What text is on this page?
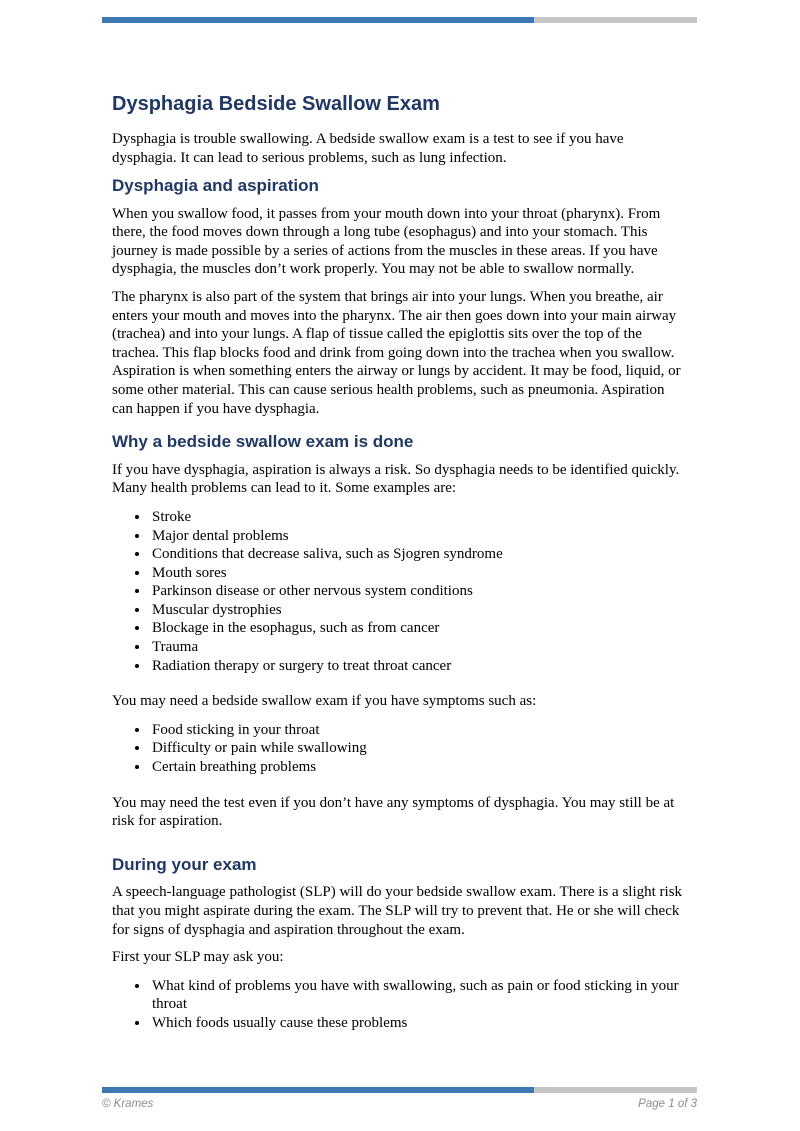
Dysphagia Bedside Swallow Exam

Dysphagia is trouble swallowing. A bedside swallow exam is a test to see if you have dysphagia. It can lead to serious problems, such as lung infection.

Dysphagia and aspiration

When you swallow food, it passes from your mouth down into your throat (pharynx). From there, the food moves down through a long tube (esophagus) and into your stomach. This journey is made possible by a series of actions from the muscles in these areas. If you have dysphagia, the muscles don’t work properly. You may not be able to swallow normally.

The pharynx is also part of the system that brings air into your lungs. When you breathe, air enters your mouth and moves into the pharynx. The air then goes down into your main airway (trachea) and into your lungs. A flap of tissue called the epiglottis sits over the top of the trachea. This flap blocks food and drink from going down into the trachea when you swallow. Aspiration is when something enters the airway or lungs by accident. It may be food, liquid, or some other material. This can cause serious health problems, such as pneumonia. Aspiration can happen if you have dysphagia.

Why a bedside swallow exam is done

If you have dysphagia, aspiration is always a risk. So dysphagia needs to be identified quickly. Many health problems can lead to it. Some examples are:

• Stroke
• Major dental problems
• Conditions that decrease saliva, such as Sjogren syndrome
• Mouth sores
• Parkinson disease or other nervous system conditions
• Muscular dystrophies
• Blockage in the esophagus, such as from cancer
• Trauma
• Radiation therapy or surgery to treat throat cancer

You may need a bedside swallow exam if you have symptoms such as:

• Food sticking in your throat
• Difficulty or pain while swallowing
• Certain breathing problems

You may need the test even if you don’t have any symptoms of dysphagia. You may still be at risk for aspiration.

During your exam

A speech-language pathologist (SLP) will do your bedside swallow exam. There is a slight risk that you might aspirate during the exam. The SLP will try to prevent that. He or she will check for signs of dysphagia and aspiration throughout the exam.

First your SLP may ask you:

• What kind of problems you have with swallowing, such as pain or food sticking in your throat
• Which foods usually cause these problems
© Krames	Page 1 of 3
